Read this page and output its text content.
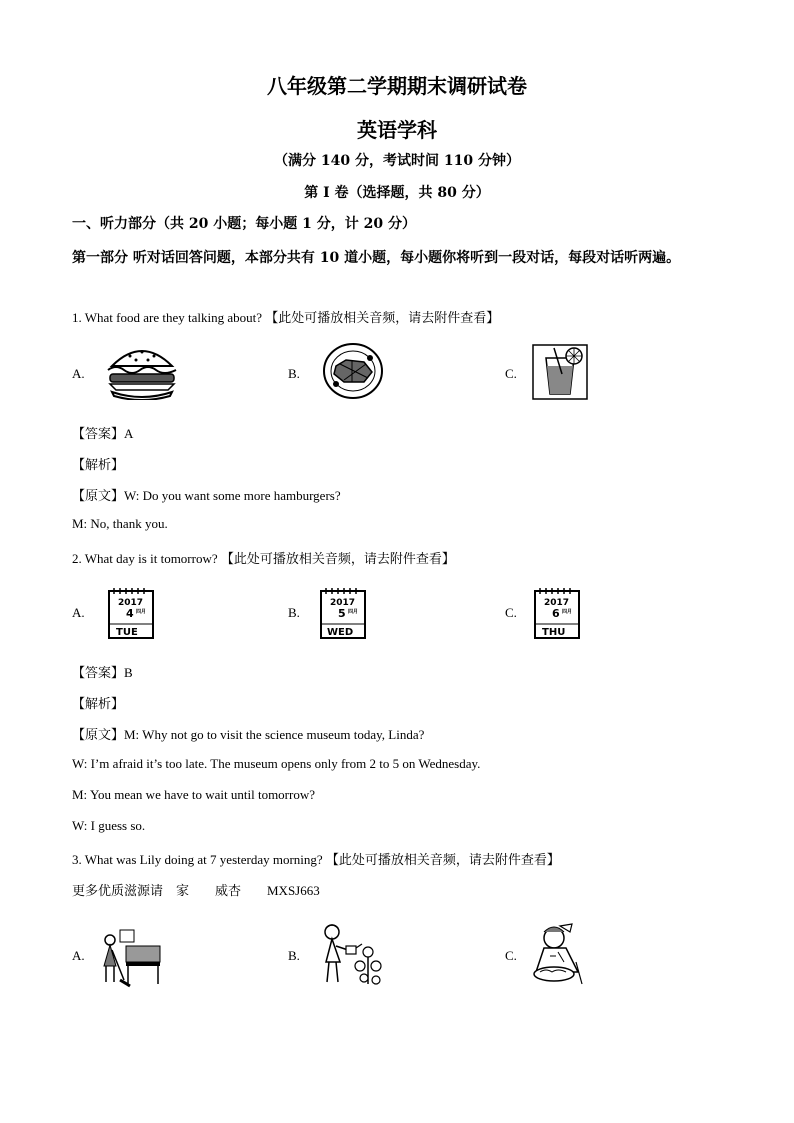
八年级第二学期期末调研试卷
英语学科
（满分 140 分，考试时间 110 分钟）
第 I 卷（选择题，共 80 分）
一、听力部分（共 20 小题；每小题 1 分，计 20 分）
第一部分 听对话回答问题，本部分共有 10 道小题，每小题你将听到一段对话，每段对话听两遍。
1. What food are they talking about? 【此处可播放相关音频，请去附件查看】
A.	B.	C.
【答案】A
【解析】
【原文】W: Do you want some more hamburgers?
M: No, thank you.
2. What day is it tomorrow? 【此处可播放相关音频，请去附件查看】
A.
2017
4 四月
TUE
B.
2017
5 四月
WED
C.
2017
6 四月
THU
【答案】B
【解析】
【原文】M: Why not go to visit the science museum today, Linda?
W: I’m afraid it’s too late. The museum opens only from 2 to 5 on Wednesday.
M: You mean we have to wait until tomorrow?
W: I guess so.
3. What was Lily doing at 7 yesterday morning? 【此处可播放相关音频，请去附件查看】
更多优质滋源请　家　　威杏　　MXSJ663
A.	B.	C.
